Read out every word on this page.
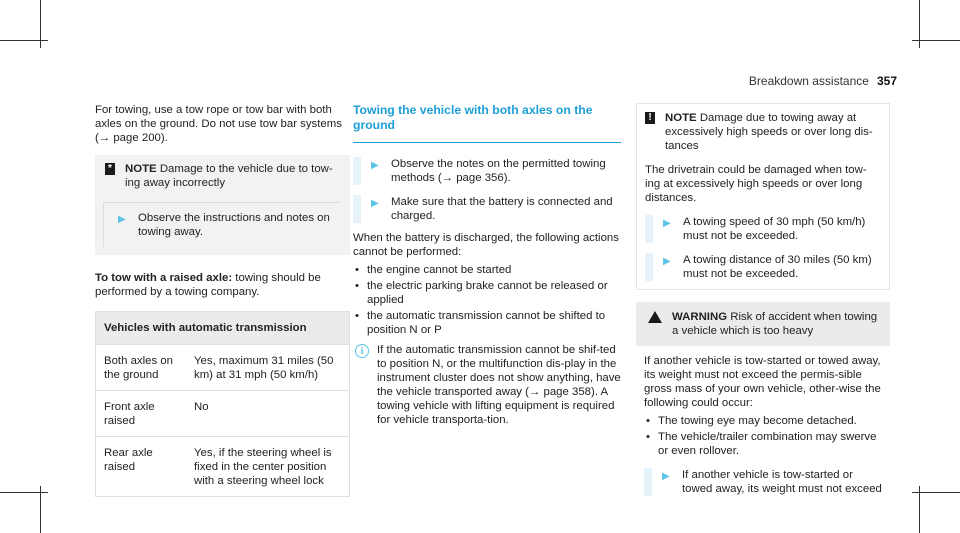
Breakdown assistance 357

For towing, use a tow rope or tow bar with both axles on the ground. Do not use tow bar systems (→ page 200).

* NOTE Damage to the vehicle due to tow-ing away incorrectly
▶ Observe the instructions and notes on towing away.

To tow with a raised axle: towing should be performed by a towing company.

Vehicles with automatic transmission	
Both axles on the ground	Yes, maximum 31 miles (50 km) at 31 mph (50 km/h)
Front axle raised	No
Rear axle raised	Yes, if the steering wheel is fixed in the center position with a steering wheel lock
Towing the vehicle with both axles on the ground
▶ Observe the notes on the permitted towing methods (→ page 356).
▶ Make sure that the battery is connected and charged.

When the battery is discharged, the following actions cannot be performed:

• the engine cannot be started
• the electric parking brake cannot be released or applied
• the automatic transmission cannot be shifted to position N or P
i	If the automatic transmission cannot be shif-ted to position N, or the multifunction dis-play in the instrument cluster does not show anything, have the vehicle transported away (→ page 358). A towing vehicle with lifting equipment is required for vehicle transporta-tion.
! NOTE Damage due to towing away at excessively high speeds or over long dis-tances

The drivetrain could be damaged when tow-ing at excessively high speeds or over long distances.

▶ A towing speed of 30 mph (50 km/h) must not be exceeded.
▶ A towing distance of 30 miles (50 km) must not be exceeded.
WARNING Risk of accident when towing a vehicle which is too heavy

If another vehicle is tow-started or towed away, its weight must not exceed the permis-sible gross mass of your own vehicle, other-wise the following could occur:

• The towing eye may become detached.
• The vehicle/trailer combination may swerve or even rollover.
▶ If another vehicle is tow-started or towed away, its weight must not exceed
